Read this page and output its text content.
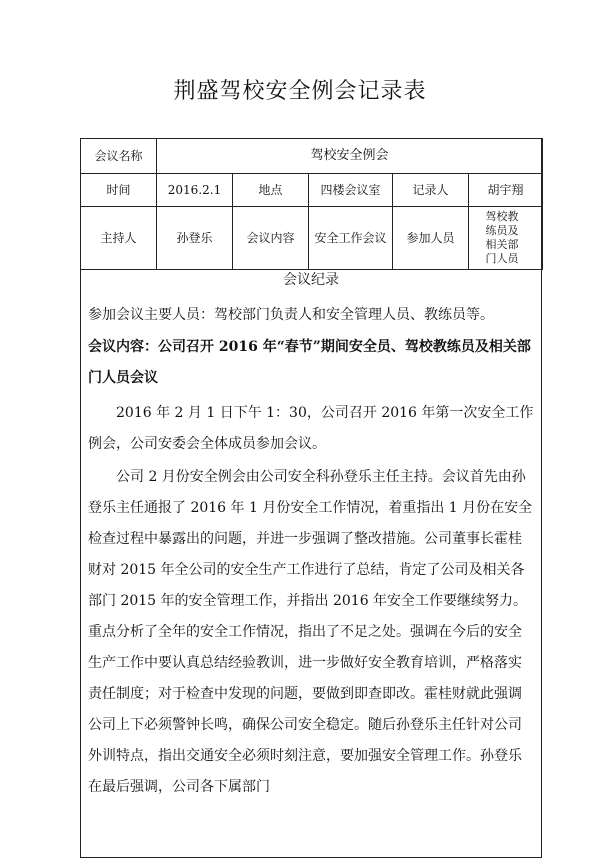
荆盛驾校安全例会记录表
会议名称	驾校安全例会				
时间	2016.2.1	地点	四楼会议室	记录人	胡宇翔
主持人	孙登乐	会议内容	安全工作会议	参加人员	驾校教练员及相关部门人员
会议纪录

参加会议主要人员：驾校部门负责人和安全管理人员、教练员等。

会议内容：公司召开 2016 年“春节”期间安全员、驾校教练员及相关部门人员会议

2016 年 2 月 1 日下午 1：30，公司召开 2016 年第一次安全工作例会，公司安委会全体成员参加会议。

公司 2 月份安全例会由公司安全科孙登乐主任主持。会议首先由孙登乐主任通报了 2016 年 1 月份安全工作情况，着重指出 1 月份在安全检查过程中暴露出的问题，并进一步强调了整改措施。公司董事长霍桂财对 2015 年全公司的安全生产工作进行了总结，肯定了公司及相关各部门 2015 年的安全管理工作，并指出 2016 年安全工作要继续努力。 重点分析了全年的安全工作情况，指出了不足之处。强调在今后的安全生产工作中要认真总结经验教训，进一步做好安全教育培训，严格落实责任制度；对于检查中发现的问题，要做到即查即改。霍桂财就此强调公司上下必须警钟长鸣，确保公司安全稳定。随后孙登乐主任针对公司外训特点，指出交通安全必须时刻注意，要加强安全管理工作。孙登乐在最后强调，公司各下属部门
